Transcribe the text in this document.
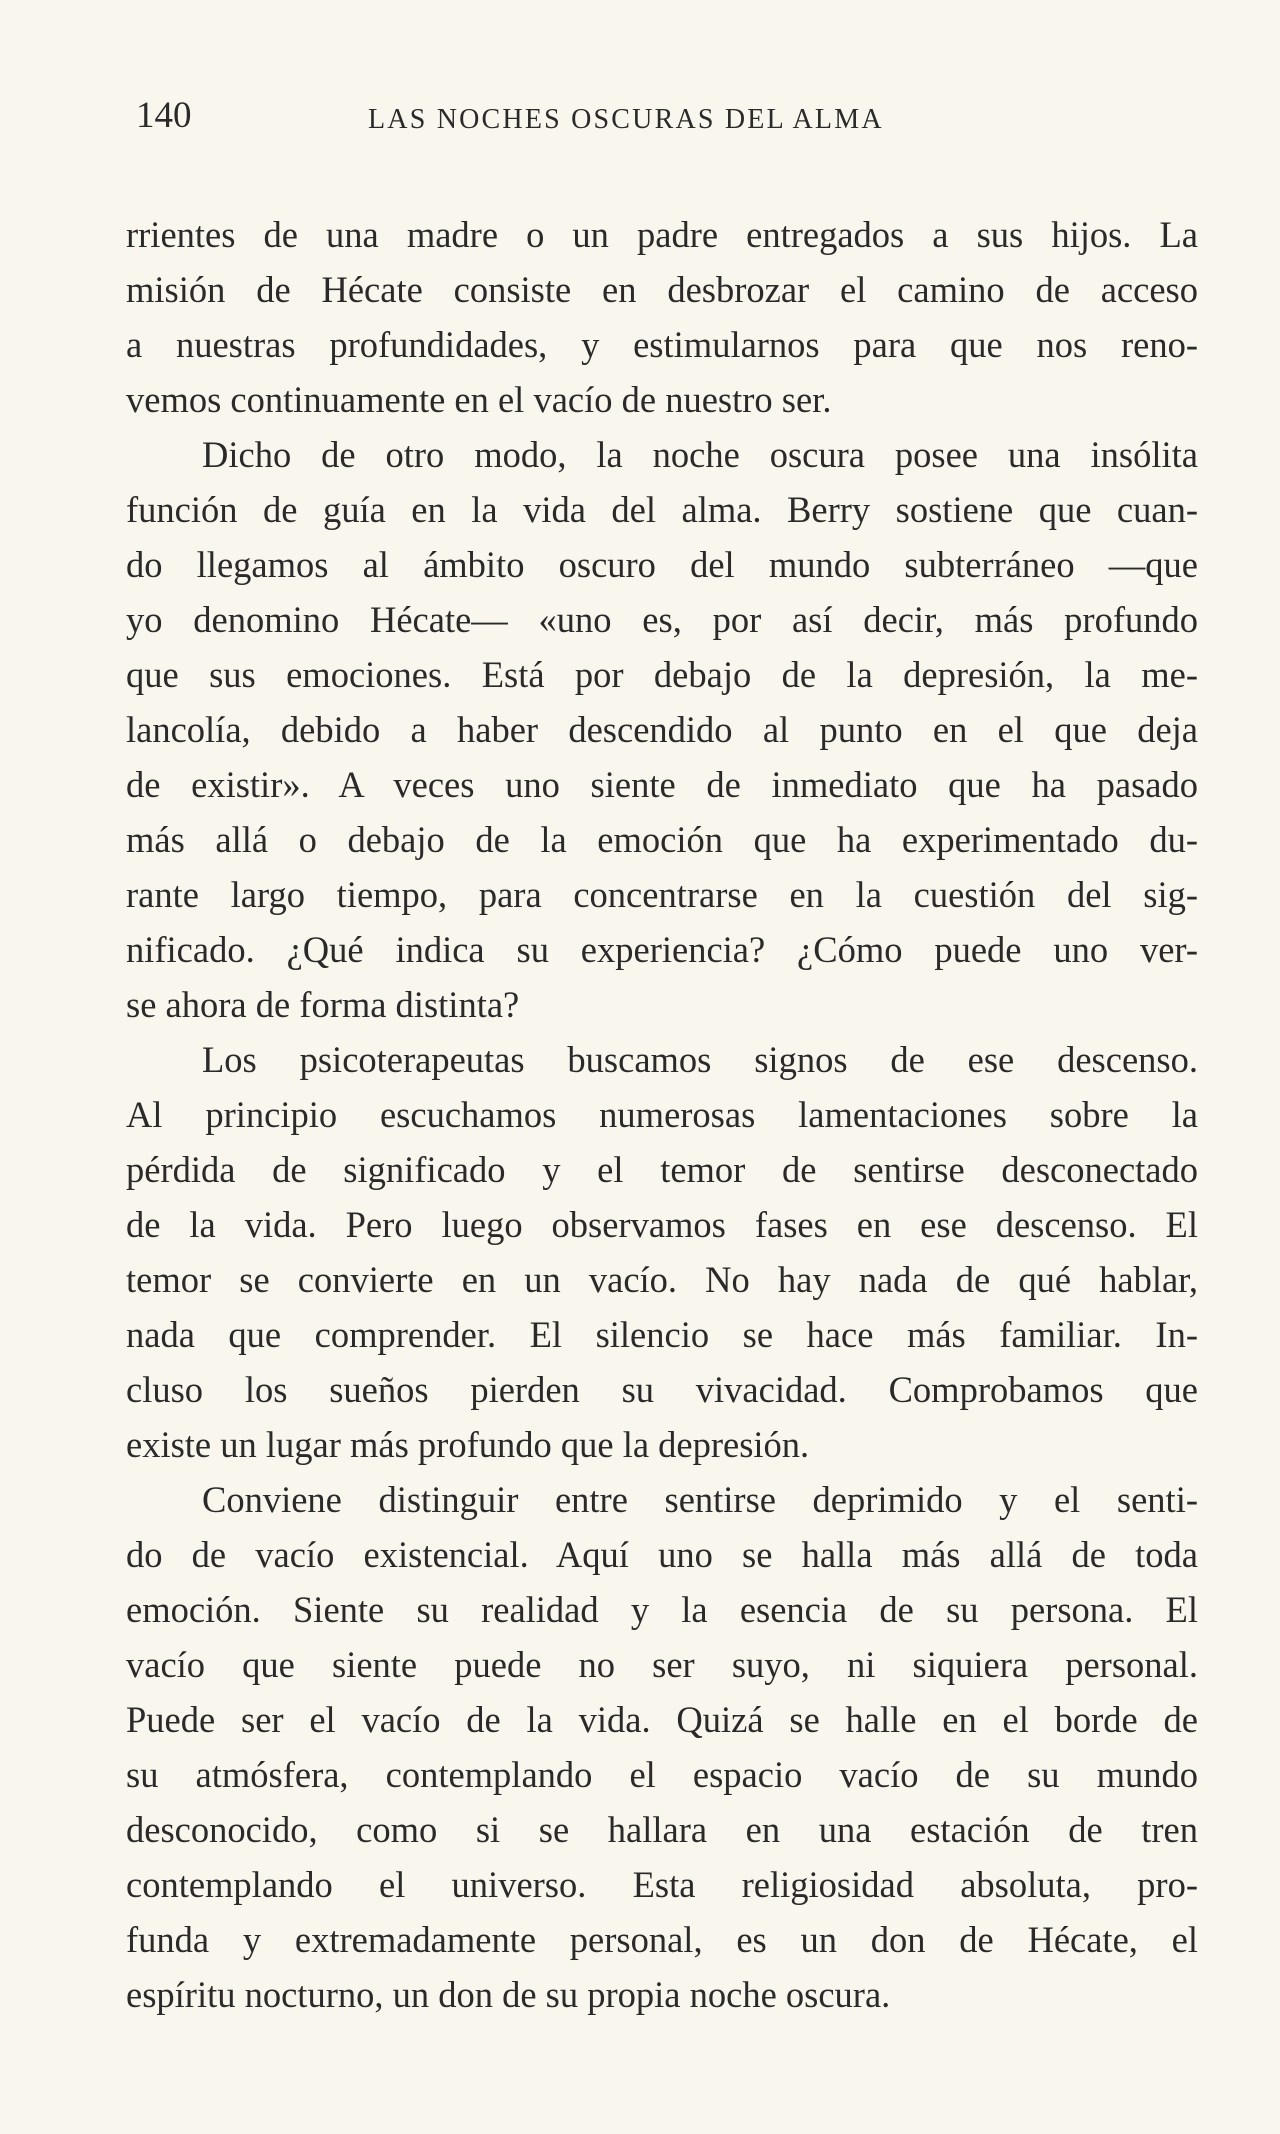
140	LAS NOCHES OSCURAS DEL ALMA
rrientes de una madre o un padre entregados a sus hijos. La
misión de Hécate consiste en desbrozar el camino de acceso
a nuestras profundidades, y estimularnos para que nos reno-
vemos continuamente en el vacío de nuestro ser.
Dicho de otro modo, la noche oscura posee una insólita
función de guía en la vida del alma. Berry sostiene que cuan-
do llegamos al ámbito oscuro del mundo subterráneo —que
yo denomino Hécate— «uno es, por así decir, más profundo
que sus emociones. Está por debajo de la depresión, la me-
lancolía, debido a haber descendido al punto en el que deja
de existir». A veces uno siente de inmediato que ha pasado
más allá o debajo de la emoción que ha experimentado du-
rante largo tiempo, para concentrarse en la cuestión del sig-
nificado. ¿Qué indica su experiencia? ¿Cómo puede uno ver-
se ahora de forma distinta?
Los psicoterapeutas buscamos signos de ese descenso.
Al principio escuchamos numerosas lamentaciones sobre la
pérdida de significado y el temor de sentirse desconectado
de la vida. Pero luego observamos fases en ese descenso. El
temor se convierte en un vacío. No hay nada de qué hablar,
nada que comprender. El silencio se hace más familiar. In-
cluso los sueños pierden su vivacidad. Comprobamos que
existe un lugar más profundo que la depresión.
Conviene distinguir entre sentirse deprimido y el senti-
do de vacío existencial. Aquí uno se halla más allá de toda
emoción. Siente su realidad y la esencia de su persona. El
vacío que siente puede no ser suyo, ni siquiera personal.
Puede ser el vacío de la vida. Quizá se halle en el borde de
su atmósfera, contemplando el espacio vacío de su mundo
desconocido, como si se hallara en una estación de tren
contemplando el universo. Esta religiosidad absoluta, pro-
funda y extremadamente personal, es un don de Hécate, el
espíritu nocturno, un don de su propia noche oscura.
